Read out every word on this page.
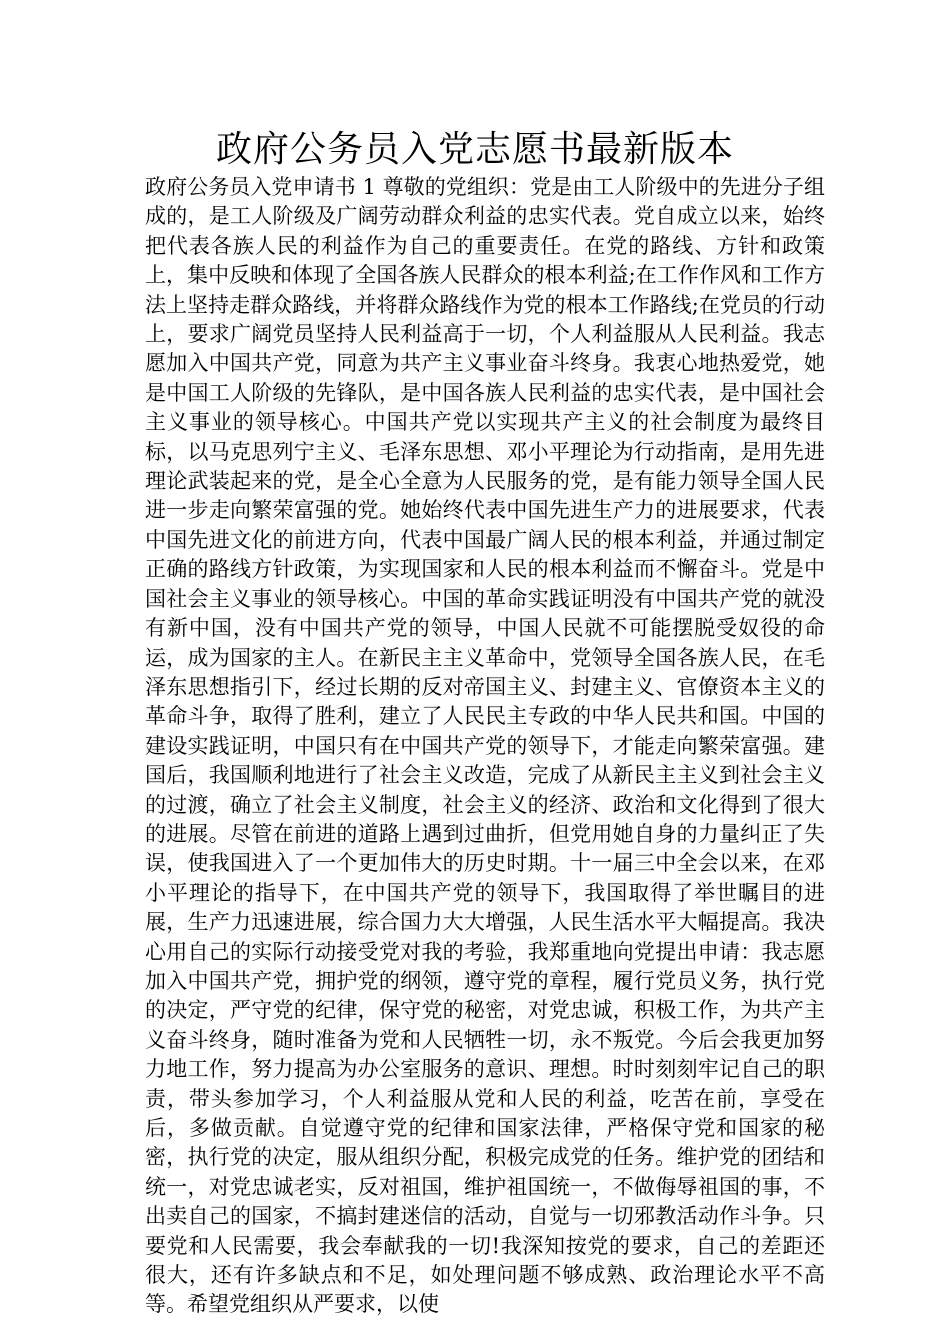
政府公务员入党志愿书最新版本

政府公务员入党申请书 1 尊敬的党组织：党是由工人阶级中的先进分子组成的，是工人阶级及广阔劳动群众利益的忠实代表。党自成立以来，始终把代表各族人民的利益作为自己的重要责任。在党的路线、方针和政策上，集中反映和体现了全国各族人民群众的根本利益;在工作作风和工作方法上坚持走群众路线，并将群众路线作为党的根本工作路线;在党员的行动上，要求广阔党员坚持人民利益高于一切，个人利益服从人民利益。我志愿加入中国共产党，同意为共产主义事业奋斗终身。我衷心地热爱党，她是中国工人阶级的先锋队，是中国各族人民利益的忠实代表，是中国社会主义事业的领导核心。中国共产党以实现共产主义的社会制度为最终目标，以马克思列宁主义、毛泽东思想、邓小平理论为行动指南，是用先进理论武装起来的党，是全心全意为人民服务的党，是有能力领导全国人民进一步走向繁荣富强的党。她始终代表中国先进生产力的进展要求，代表中国先进文化的前进方向，代表中国最广阔人民的根本利益，并通过制定正确的路线方针政策，为实现国家和人民的根本利益而不懈奋斗。党是中国社会主义事业的领导核心。中国的革命实践证明没有中国共产党的就没有新中国，没有中国共产党的领导，中国人民就不可能摆脱受奴役的命运，成为国家的主人。在新民主主义革命中，党领导全国各族人民，在毛泽东思想指引下，经过长期的反对帝国主义、封建主义、官僚资本主义的革命斗争，取得了胜利，建立了人民民主专政的中华人民共和国。中国的建设实践证明，中国只有在中国共产党的领导下，才能走向繁荣富强。建国后，我国顺利地进行了社会主义改造，完成了从新民主主义到社会主义的过渡，确立了社会主义制度，社会主义的经济、政治和文化得到了很大的进展。尽管在前进的道路上遇到过曲折，但党用她自身的力量纠正了失误，使我国进入了一个更加伟大的历史时期。十一届三中全会以来，在邓小平理论的指导下，在中国共产党的领导下，我国取得了举世瞩目的进展，生产力迅速进展，综合国力大大增强，人民生活水平大幅提高。我决心用自己的实际行动接受党对我的考验，我郑重地向党提出申请：我志愿加入中国共产党，拥护党的纲领，遵守党的章程，履行党员义务，执行党的决定，严守党的纪律，保守党的秘密，对党忠诚，积极工作，为共产主义奋斗终身，随时准备为党和人民牺牲一切，永不叛党。今后会我更加努力地工作，努力提高为办公室服务的意识、理想。时时刻刻牢记自己的职责，带头参加学习，个人利益服从党和人民的利益，吃苦在前，享受在后，多做贡献。自觉遵守党的纪律和国家法律，严格保守党和国家的秘密，执行党的决定，服从组织分配，积极完成党的任务。维护党的团结和统一，对党忠诚老实，反对祖国，维护祖国统一，不做侮辱祖国的事，不出卖自己的国家，不搞封建迷信的活动，自觉与一切邪教活动作斗争。只要党和人民需要，我会奉献我的一切!我深知按党的要求，自己的差距还很大，还有许多缺点和不足，如处理问题不够成熟、政治理论水平不高等。希望党组织从严要求，以使
